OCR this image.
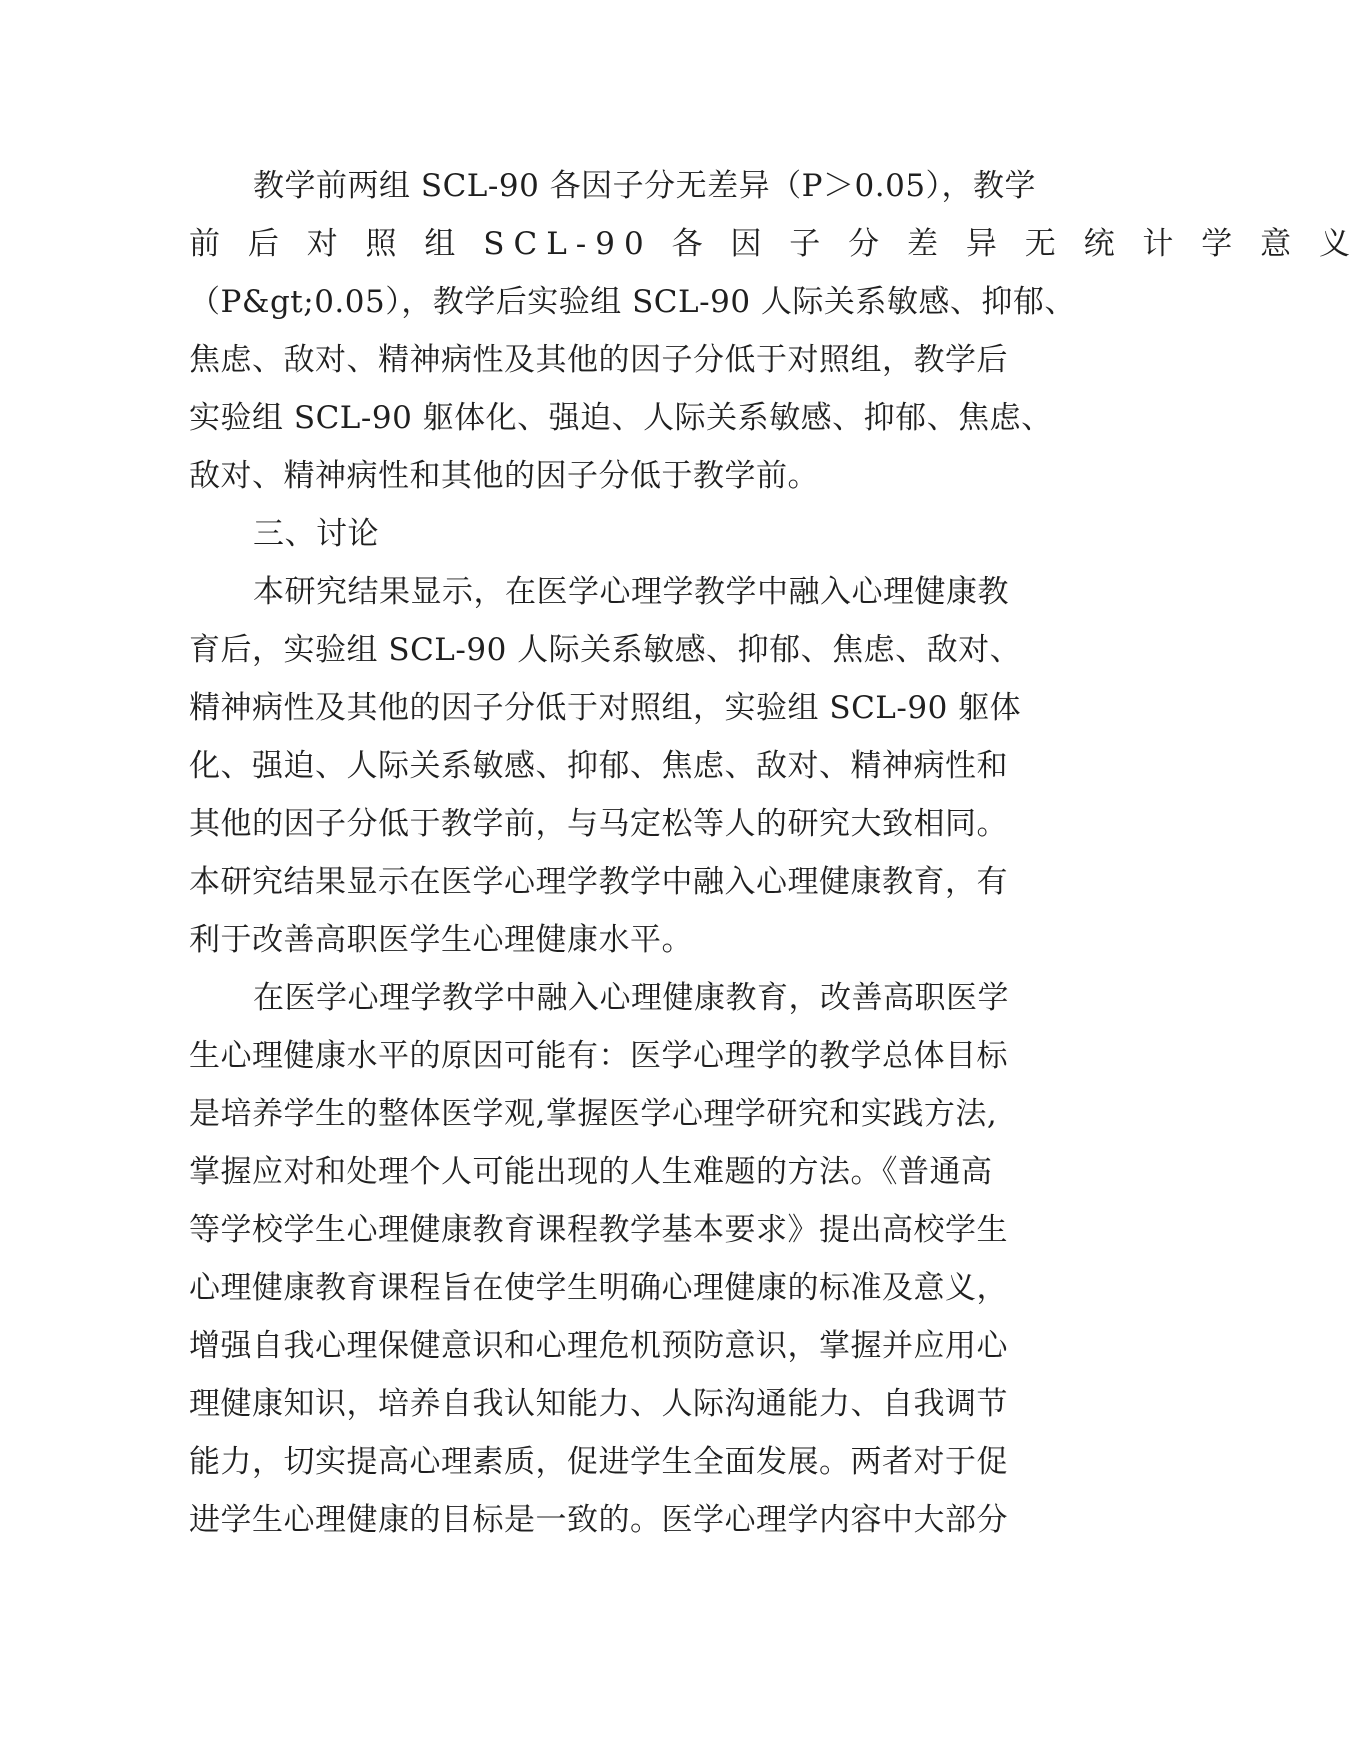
教学前两组 SCL-90 各因子分无差异（P＞0.05），教学
前 后 对 照 组 SCL-90 各 因 子 分 差 异 无 统 计 学 意 义
（P&gt;0.05），教学后实验组 SCL-90 人际关系敏感、抑郁、
焦虑、敌对、精神病性及其他的因子分低于对照组，教学后
实验组 SCL-90 躯体化、强迫、人际关系敏感、抑郁、焦虑、
敌对、精神病性和其他的因子分低于教学前。
三、讨论
本研究结果显示，在医学心理学教学中融入心理健康教
育后，实验组 SCL-90 人际关系敏感、抑郁、焦虑、敌对、
精神病性及其他的因子分低于对照组，实验组 SCL-90 躯体
化、强迫、人际关系敏感、抑郁、焦虑、敌对、精神病性和
其他的因子分低于教学前，与马定松等人的研究大致相同。
本研究结果显示在医学心理学教学中融入心理健康教育，有
利于改善高职医学生心理健康水平。
在医学心理学教学中融入心理健康教育，改善高职医学
生心理健康水平的原因可能有：医学心理学的教学总体目标
是培养学生的整体医学观,掌握医学心理学研究和实践方法,
掌握应对和处理个人可能出现的人生难题的方法。《普通高
等学校学生心理健康教育课程教学基本要求》提出高校学生
心理健康教育课程旨在使学生明确心理健康的标准及意义，
增强自我心理保健意识和心理危机预防意识，掌握并应用心
理健康知识，培养自我认知能力、人际沟通能力、自我调节
能力，切实提高心理素质，促进学生全面发展。两者对于促
进学生心理健康的目标是一致的。医学心理学内容中大部分
